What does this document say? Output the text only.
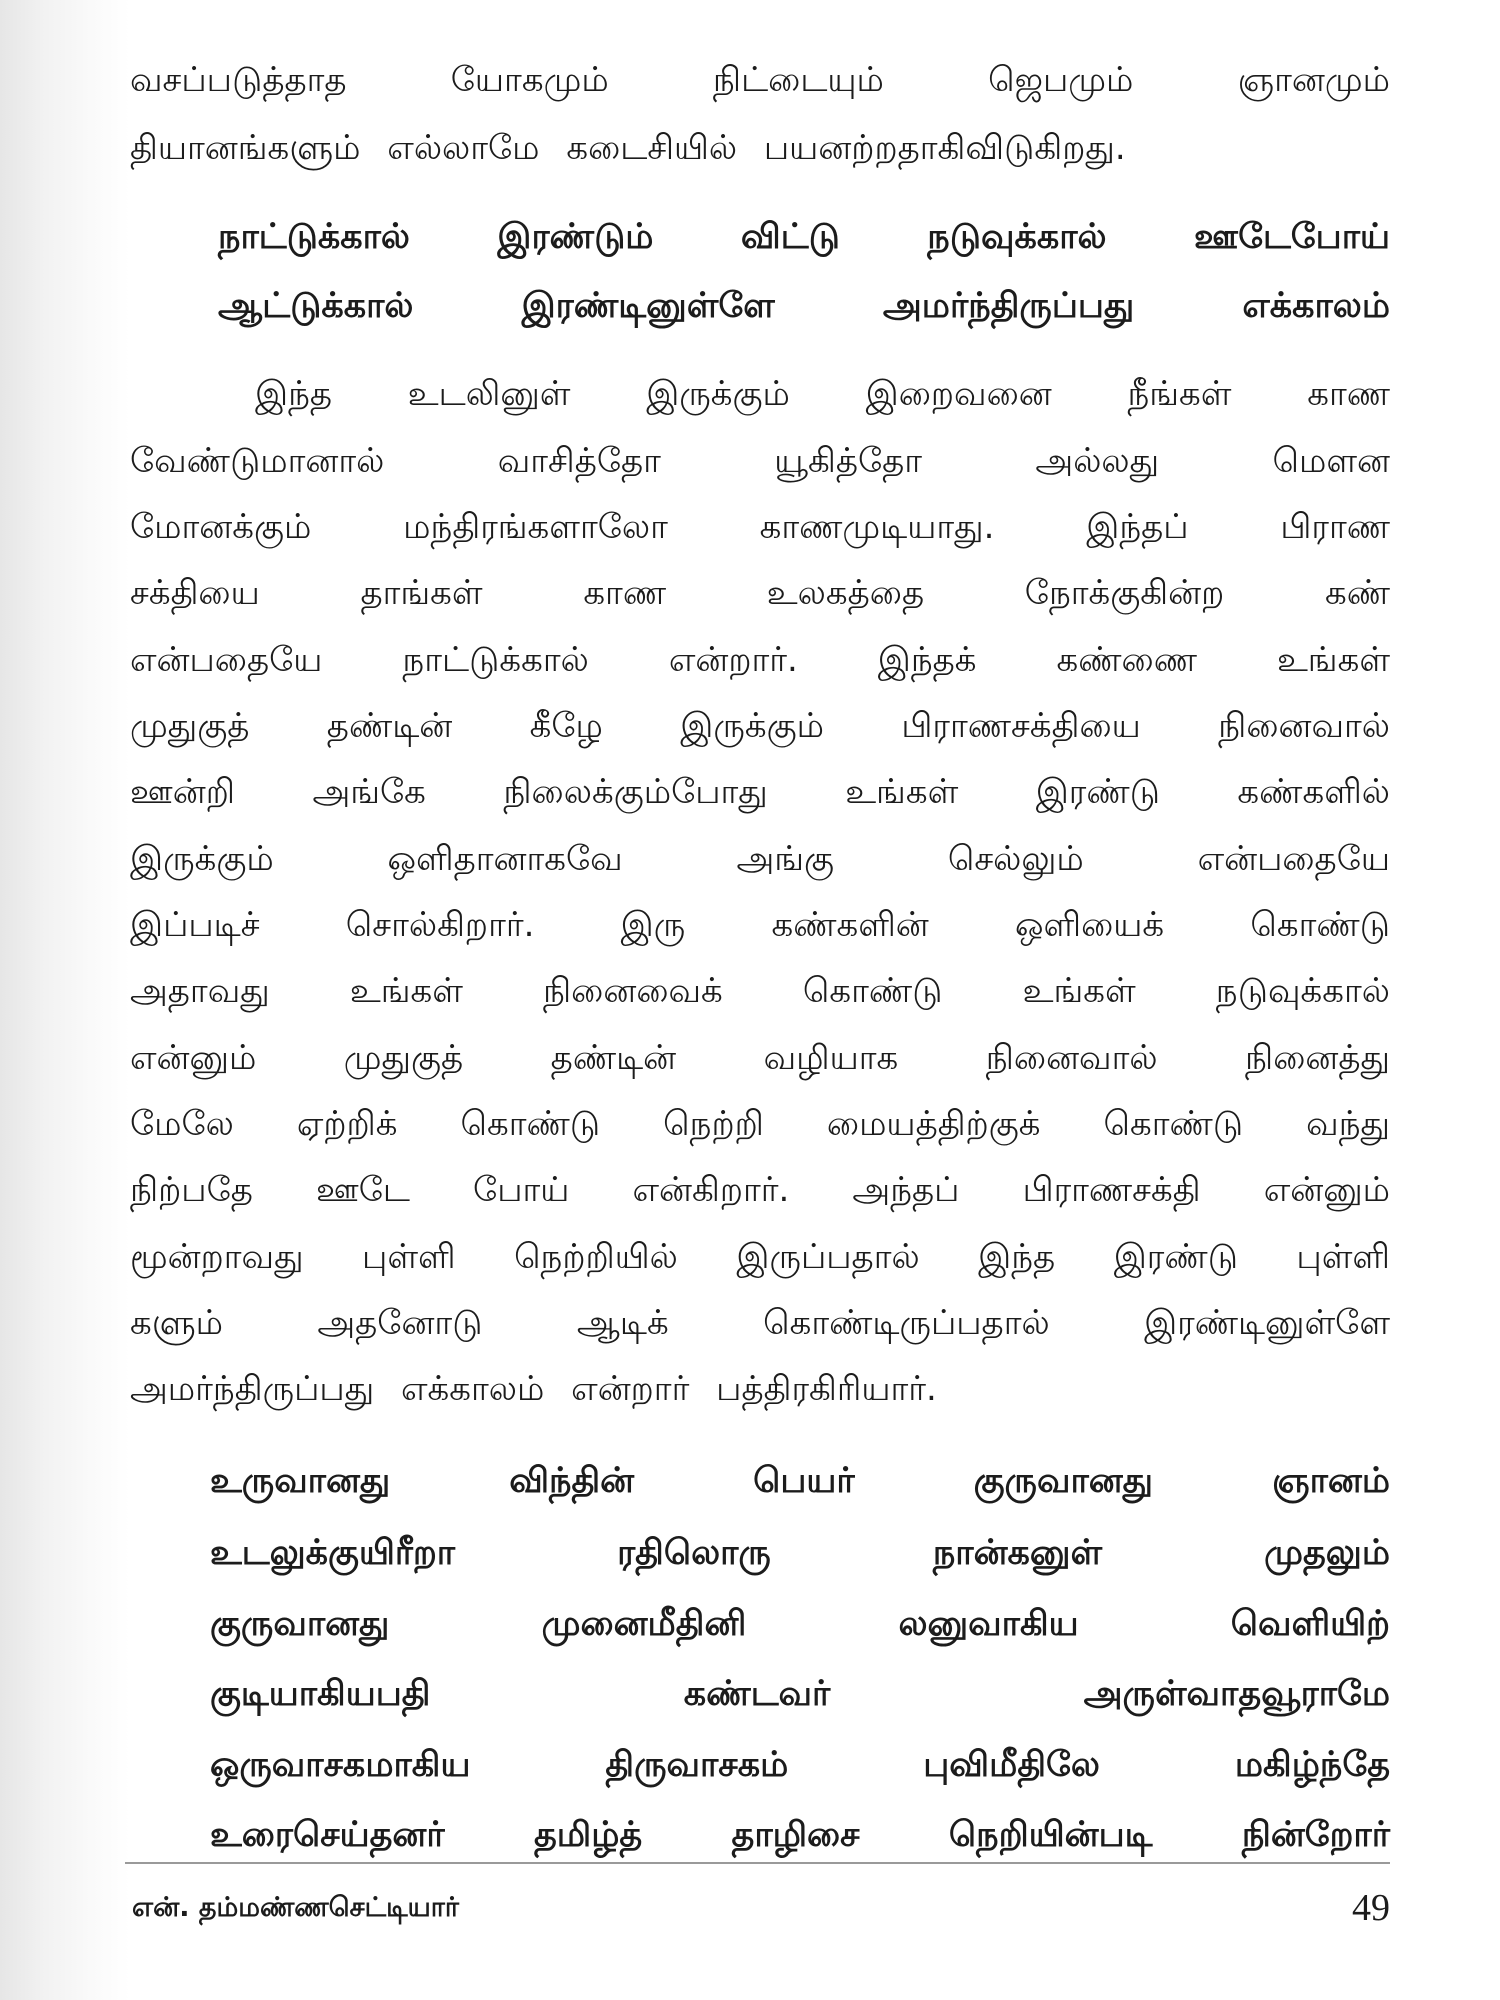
வசப்படுத்தாத யோகமும் நிட்டையும் ஜெபமும் ஞானமும்

தியானங்களும் எல்லாமே கடைசியில் பயனற்றதாகிவிடுகிறது.

நாட்டுக்கால் இரண்டும் விட்டு நடுவுக்கால் ஊடேபோய்

ஆட்டுக்கால் இரண்டினுள்ளே அமர்ந்திருப்பது எக்காலம்

இந்த உடலினுள் இருக்கும் இறைவனை நீங்கள் காண

வேண்டுமானால் வாசித்தோ யூகித்தோ அல்லது மௌன

மோனக்கும் மந்திரங்களாலோ காணமுடியாது. இந்தப் பிராண

சக்தியை தாங்கள் காண உலகத்தை நோக்குகின்ற கண்

என்பதையே நாட்டுக்கால் என்றார். இந்தக் கண்ணை உங்கள்

முதுகுத் தண்டின் கீழே இருக்கும் பிராணசக்தியை நினைவால்

ஊன்றி அங்கே நிலைக்கும்போது உங்கள் இரண்டு கண்களில்

இருக்கும் ஒளிதானாகவே அங்கு செல்லும் என்பதையே

இப்படிச் சொல்கிறார். இரு கண்களின் ஒளியைக் கொண்டு

அதாவது உங்கள் நினைவைக் கொண்டு உங்கள் நடுவுக்கால்

என்னும் முதுகுத் தண்டின் வழியாக நினைவால் நினைத்து

மேலே ஏற்றிக் கொண்டு நெற்றி மையத்திற்குக் கொண்டு வந்து

நிற்பதே ஊடே போய் என்கிறார். அந்தப் பிராணசக்தி என்னும்

மூன்றாவது புள்ளி நெற்றியில் இருப்பதால் இந்த இரண்டு புள்ளி

களும் அதனோடு ஆடிக் கொண்டிருப்பதால் இரண்டினுள்ளே

அமர்ந்திருப்பது எக்காலம் என்றார் பத்திரகிரியார்.

உருவானது விந்தின் பெயர் குருவானது ஞானம்

உடலுக்குயிரீறா ரதிலொரு நான்கனுள் முதலும்

குருவானது முனைமீதினி லனுவாகிய வெளியிற்

குடியாகியபதி கண்டவர் அருள்வாதவூராமே

ஒருவாசகமாகிய திருவாசகம் புவிமீதிலே மகிழ்ந்தே

உரைசெய்தனர் தமிழ்த் தாழிசை நெறியின்படி நின்றோர்

என். தம்மண்ணசெட்டியார்	49
